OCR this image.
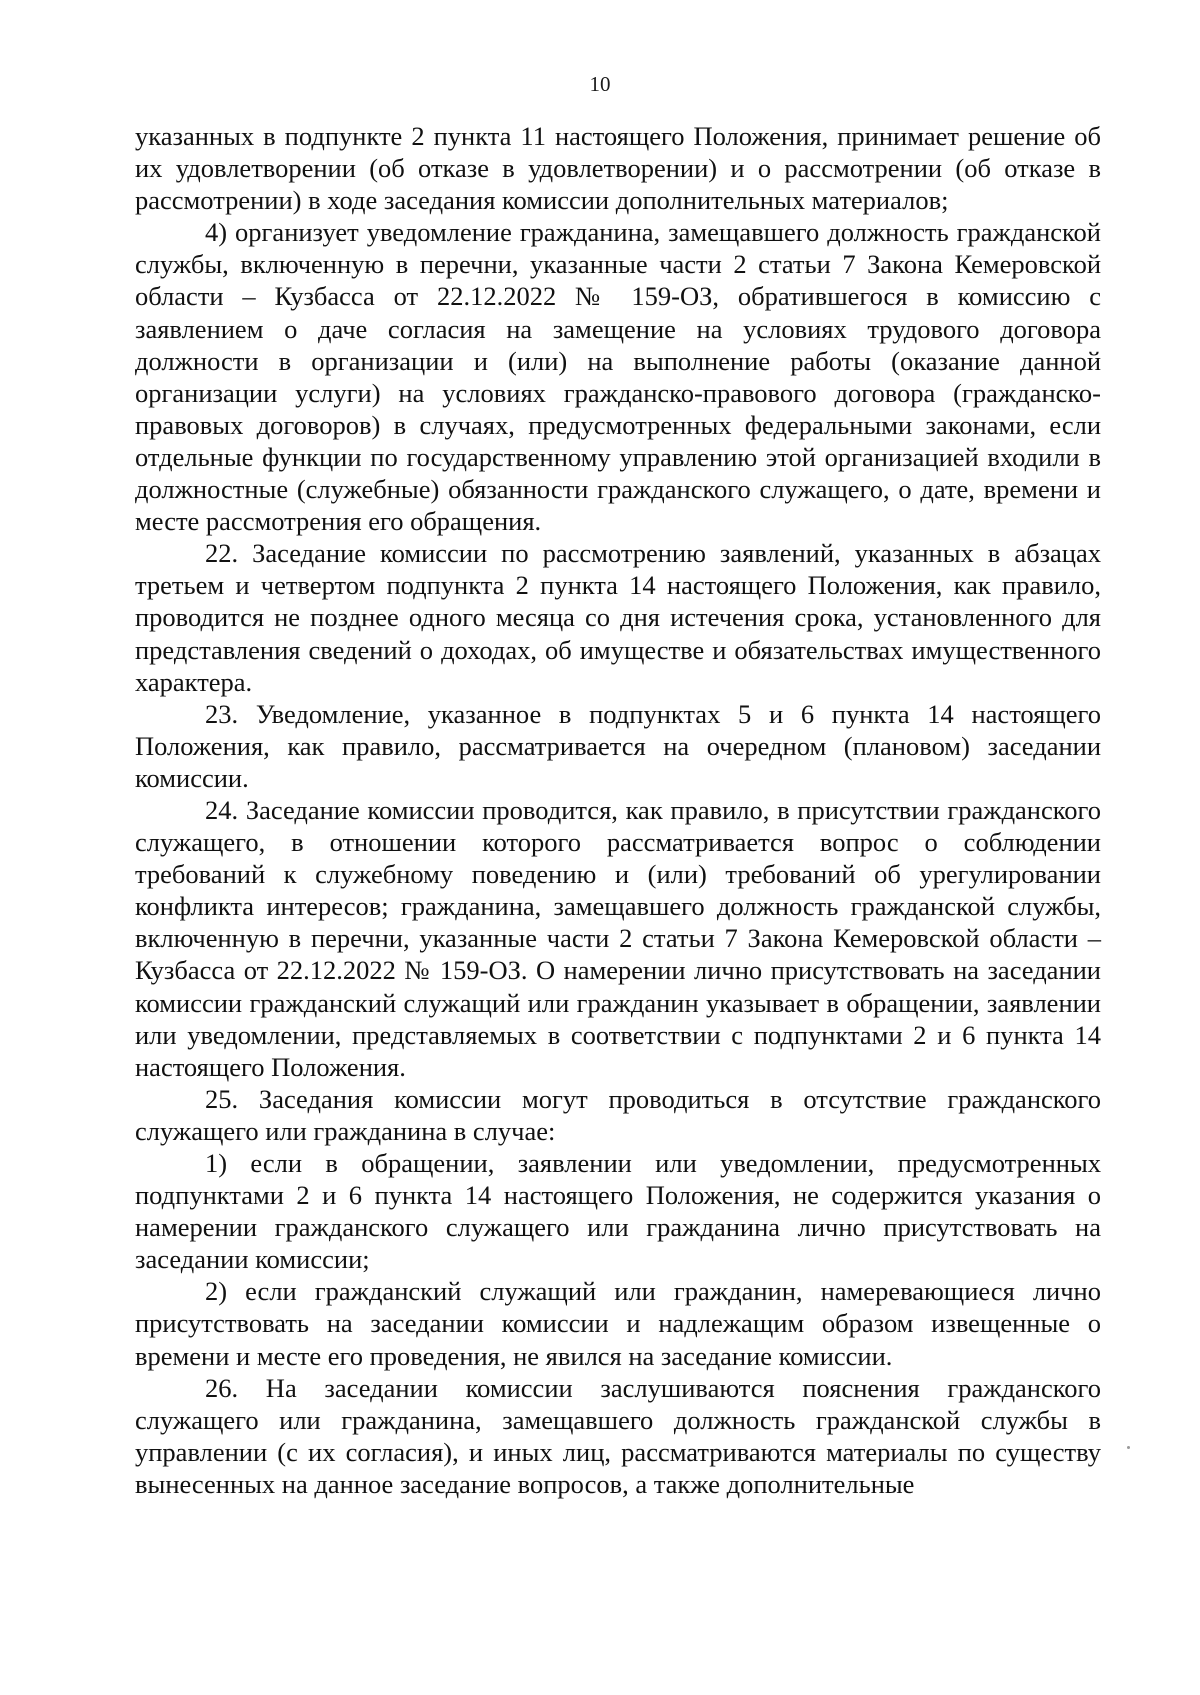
10

указанных в подпункте 2 пункта 11 настоящего Положения, принимает решение об их удовлетворении (об отказе в удовлетворении) и о рассмотрении (об отказе в рассмотрении) в ходе заседания комиссии дополнительных материалов;

4) организует уведомление гражданина, замещавшего должность гражданской службы, включенную в перечни, указанные части 2 статьи 7 Закона Кемеровской области – Кузбасса от 22.12.2022 № 159-ОЗ, обратившегося в комиссию с заявлением о даче согласия на замещение на условиях трудового договора должности в организации и (или) на выполнение работы (оказание данной организации услуги) на условиях гражданско-правового договора (гражданско-правовых договоров) в случаях, предусмотренных федеральными законами, если отдельные функции по государственному управлению этой организацией входили в должностные (служебные) обязанности гражданского служащего, о дате, времени и месте рассмотрения его обращения.

22. Заседание комиссии по рассмотрению заявлений, указанных в абзацах третьем и четвертом подпункта 2 пункта 14 настоящего Положения, как правило, проводится не позднее одного месяца со дня истечения срока, установленного для представления сведений о доходах, об имуществе и обязательствах имущественного характера.

23. Уведомление, указанное в подпунктах 5 и 6 пункта 14 настоящего Положения, как правило, рассматривается на очередном (плановом) заседании комиссии.

24. Заседание комиссии проводится, как правило, в присутствии гражданского служащего, в отношении которого рассматривается вопрос о соблюдении требований к служебному поведению и (или) требований об урегулировании конфликта интересов; гражданина, замещавшего должность гражданской службы, включенную в перечни, указанные части 2 статьи 7 Закона Кемеровской области – Кузбасса от 22.12.2022 № 159-ОЗ. О намерении лично присутствовать на заседании комиссии гражданский служащий или гражданин указывает в обращении, заявлении или уведомлении, представляемых в соответствии с подпунктами 2 и 6 пункта 14 настоящего Положения.

25. Заседания комиссии могут проводиться в отсутствие гражданского служащего или гражданина в случае:

1) если в обращении, заявлении или уведомлении, предусмотренных подпунктами 2 и 6 пункта 14 настоящего Положения, не содержится указания о намерении гражданского служащего или гражданина лично присутствовать на заседании комиссии;

2) если гражданский служащий или гражданин, намеревающиеся лично присутствовать на заседании комиссии и надлежащим образом извещенные о времени и месте его проведения, не явился на заседание комиссии.

26. На заседании комиссии заслушиваются пояснения гражданского служащего или гражданина, замещавшего должность гражданской службы в управлении (с их согласия), и иных лиц, рассматриваются материалы по существу вынесенных на данное заседание вопросов, а также дополнительные
